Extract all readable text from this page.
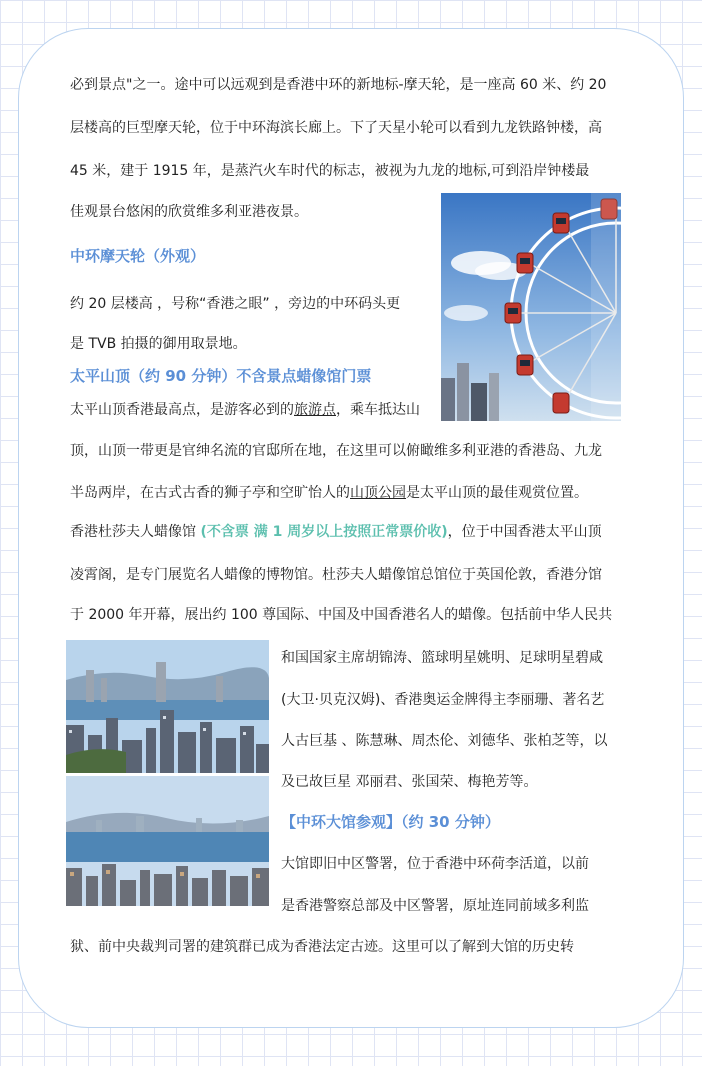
必到景点"之一。途中可以远观到是香港中环的新地标-摩天轮，是一座高 60 米、约 20
层楼高的巨型摩天轮，位于中环海滨长廊上。下了天星小轮可以看到九龙铁路钟楼，高
45 米，建于 1915 年，是蒸汽火车时代的标志，被视为九龙的地标,可到沿岸钟楼最
佳观景台悠闲的欣赏维多利亚港夜景。
中环摩天轮（外观）
约 20 层楼高 ，号称“香港之眼” ，旁边的中环码头更
是 TVB 拍摄的御用取景地。
太平山顶（约 90 分钟）不含景点蜡像馆门票
太平山顶香港最高点，是游客必到的旅游点，乘车抵达山
顶，山顶一带更是官绅名流的官邸所在地，在这里可以俯瞰维多利亚港的香港岛、九龙
半岛两岸，在古式古香的狮子亭和空旷怡人的山顶公园是太平山顶的最佳观赏位置。
香港杜莎夫人蜡像馆 (不含票 满 1 周岁以上按照正常票价收)，位于中国香港太平山顶
凌霄阁，是专门展览名人蜡像的博物馆。杜莎夫人蜡像馆总馆位于英国伦敦，香港分馆
于 2000 年开幕，展出约 100 尊国际、中国及中国香港名人的蜡像。包括前中华人民共
和国国家主席胡锦涛、篮球明星姚明、足球明星碧咸
(大卫·贝克汉姆)、香港奥运金牌得主李丽珊、著名艺
人古巨基 、陈慧琳、周杰伦、刘德华、张柏芝等，以
及已故巨星 邓丽君、张国荣、梅艳芳等。
【中环大馆参观】（约 30 分钟）
大馆即旧中区警署，位于香港中环荷李活道，以前
是香港警察总部及中区警署，原址连同前域多利监
狱、前中央裁判司署的建筑群已成为香港法定古迹。这里可以了解到大馆的历史转
